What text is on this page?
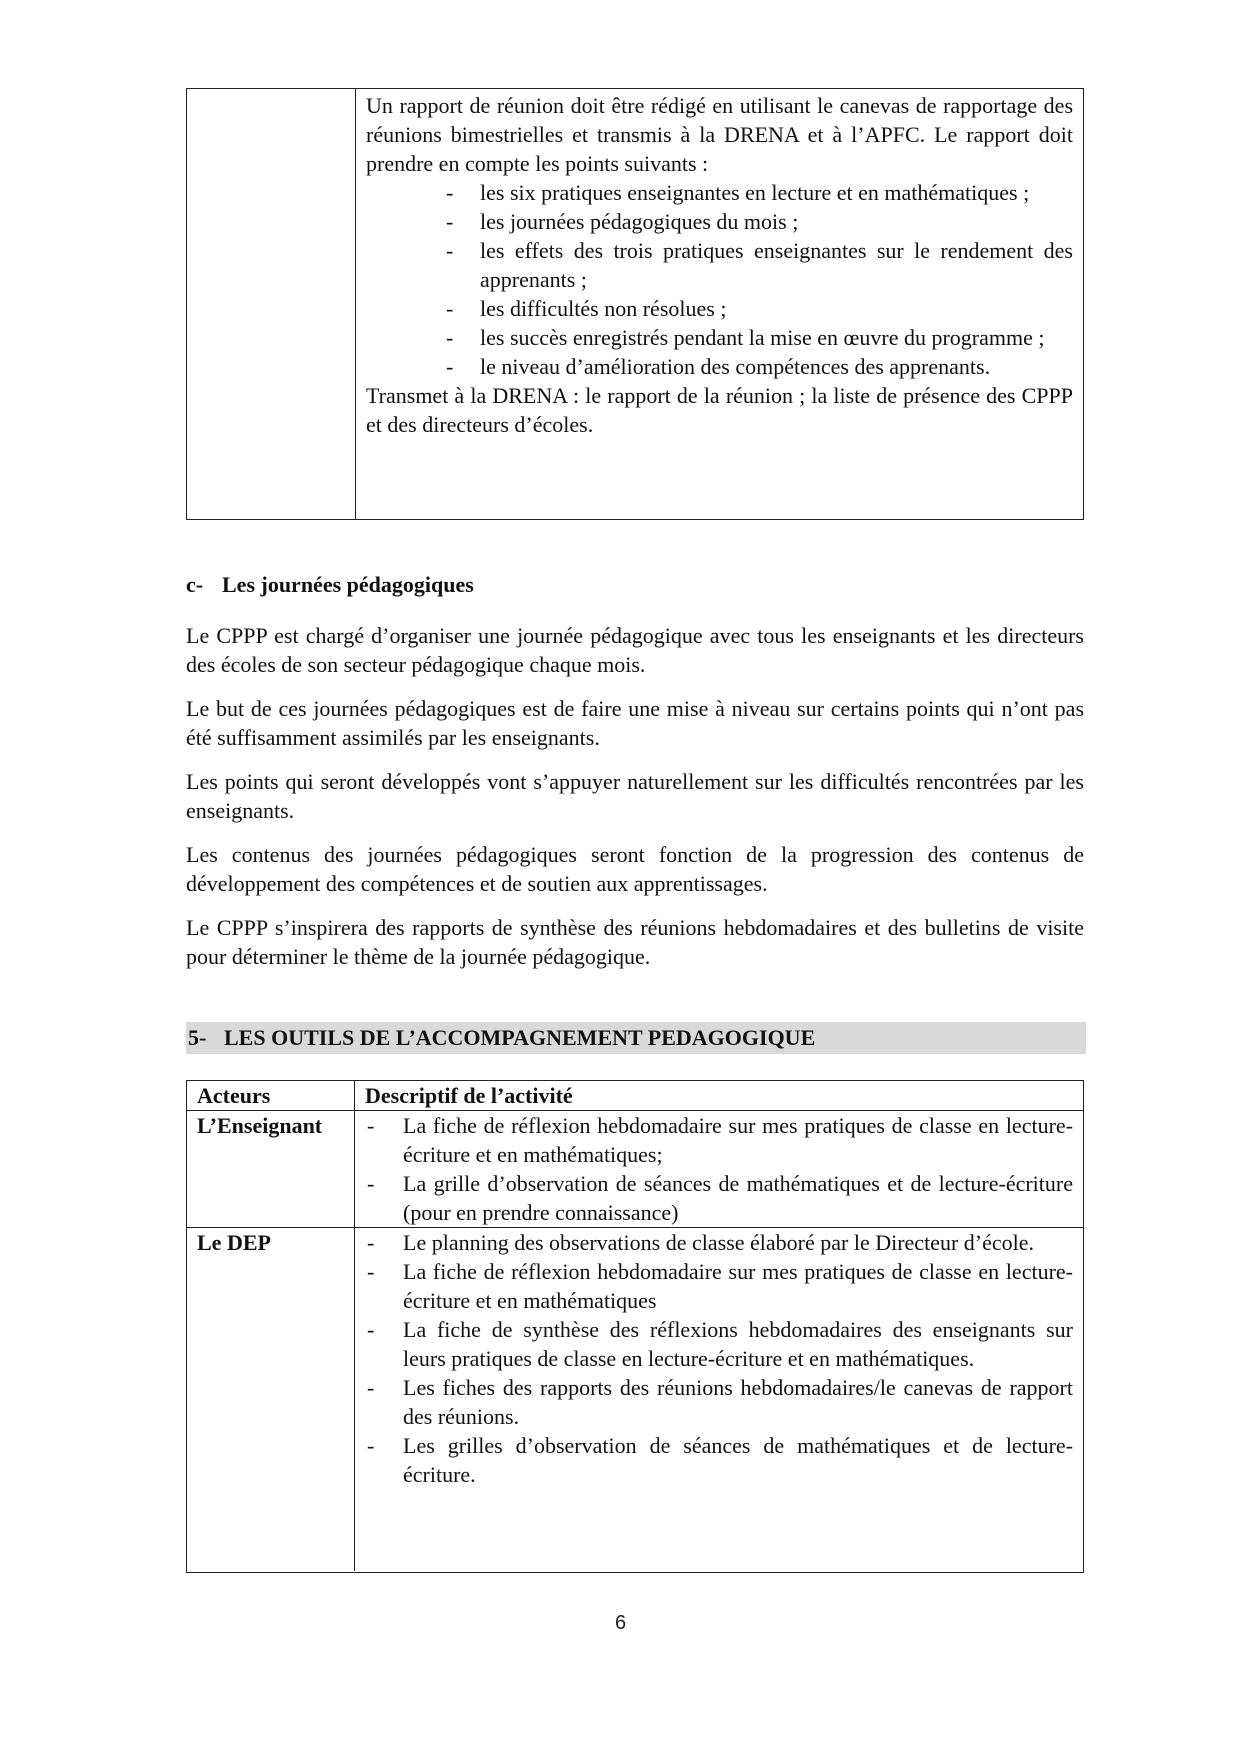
Un rapport de réunion doit être rédigé en utilisant le canevas de rapportage des réunions bimestrielles et transmis à la DRENA et à l’APFC. Le rapport doit prendre en compte les points suivants :

- les six pratiques enseignantes en lecture et en mathématiques ;
- les journées pédagogiques du mois ;
- les effets des trois pratiques enseignantes sur le rendement des apprenants ;
- les difficultés non résolues ;
- les succès enregistrés pendant la mise en œuvre du programme ;
- le niveau d’amélioration des compétences des apprenants.

Transmet à la DRENA : le rapport de la réunion ; la liste de présence des CPPP et des directeurs d’écoles.

c- Les journées pédagogiques

Le CPPP est chargé d’organiser une journée pédagogique avec tous les enseignants et les directeurs des écoles de son secteur pédagogique chaque mois.

Le but de ces journées pédagogiques est de faire une mise à niveau sur certains points qui n’ont pas été suffisamment assimilés par les enseignants.

Les points qui seront développés vont s’appuyer naturellement sur les difficultés rencontrées par les enseignants.

Les contenus des journées pédagogiques seront fonction de la progression des contenus de développement des compétences et de soutien aux apprentissages.

Le CPPP s’inspirera des rapports de synthèse des réunions hebdomadaires et des bulletins de visite pour déterminer le thème de la journée pédagogique.

5- LES OUTILS DE L’ACCOMPAGNEMENT PEDAGOGIQUE
Acteurs	Descriptif de l’activité
L’Enseignant	- La fiche de réflexion hebdomadaire sur mes pratiques de classe en lecture-écriture et en mathématiques;
- La grille d’observation de séances de mathématiques et de lecture-écriture (pour en prendre connaissance)
Le DEP	- Le planning des observations de classe élaboré par le Directeur d’école.
- La fiche de réflexion hebdomadaire sur mes pratiques de classe en lecture-écriture et en mathématiques
- La fiche de synthèse des réflexions hebdomadaires des enseignants sur leurs pratiques de classe en lecture-écriture et en mathématiques.
- Les fiches des rapports des réunions hebdomadaires/le canevas de rapport des réunions.
- Les grilles d’observation de séances de mathématiques et de lecture-écriture.
6
